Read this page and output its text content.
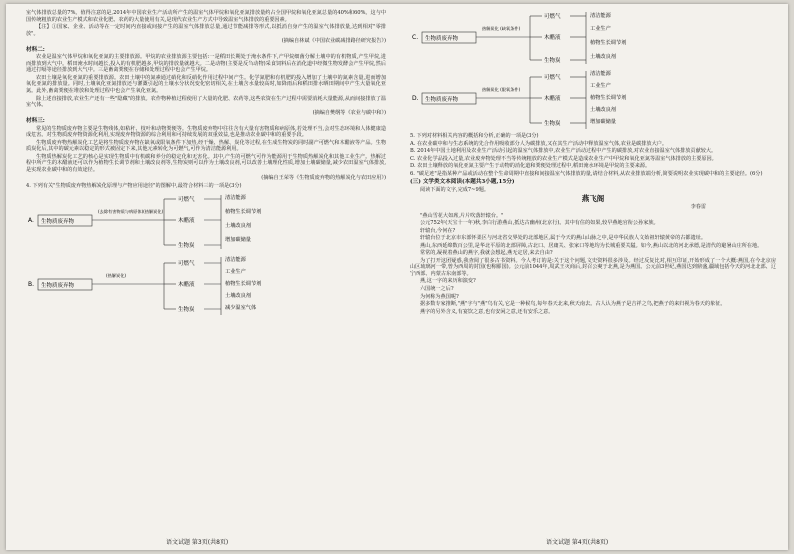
室气体排放总量的7%。值得注意的是,2014年中国农业生产活动所产生的温室气体甲烷和氧化亚氮排放量约占全国甲烷和氧化亚氮总量的40%和60%。这与中国传统粗放的农业生产模式和农业化肥、农药的大量使用有关,是现代农业生产方式中导致温室气体排放的重要因素。

【注】①国家、企业、活动等在一定时间内直接或间接产生的温室气体排放总量,通过节能减排等形式,以抵消自身产生的温室气体排放量,达到相对"零排放"。

(摘编自林斌《中国农业碳减排路径研究报告》)

材料二:

农业是温室气体甲烷和氧化亚氮的主要排放源。甲烷的农业排放源主要包括:一是稻田长期处于淹水条件下,产甲烷细菌分解土壤中的有机物质,产生甲烷,进而排放到大气中。稻田淹水时间越长,投入的有机肥越多,甲烷的排放量就越大。二是动物(主要是反刍动物)采食饲料后在消化道中经微生物发酵会产生甲烷,然后通过打嗝等途径排放到大气中。三是畜禽粪便在存储和处理过程中也会产生甲烷。

农田土壤是氧化亚氮的重要排放源。农田土壤中的氮素通过硝化和反硝化作用过程中间产生。化学氮肥和有机肥的投入增加了土壤中的氮素含量,进而增加氧化亚氮的排放量。同时,土壤氧化亚氮排放还与灌溉引起的土壤水分状况变化密切相关,在土壤含水量较高时,如降雨后和稻田排水晒田期间中产生大量氧化亚氮。此外,畜禽粪便在堆放和处理过程中也会产生氧化亚氮。

除上述直接排放,农业生产还有一些"隐藏"的排放。农作物种植过程使用了大量的化肥、农药等,这些农资在生产过程中需要消耗大量能源,从而间接排放了温室气体。

(摘编自樊纲等《农业与碳中和》)

材料三:

常见的生物质废弃物主要是生物残体,如秸秆、枝叶和动物粪便等。生物质废弃物中往往含有大量有害物质和病原体,若处理不当,会对生态环境和人体健康造成危害。对生物质废弃物资源化利用,实现废弃物资源的综合利用和可持续发展的双重效益,也是推动农业碳中和的重要手段。

生物质废弃物热解炭化工艺是将生物质废弃物在缺氧或限氧条件下加热,经干燥、热解、炭化等过程,在生成生物炭的同时副产可燃气和木醋液等产品。生物质炭化后,其中的碳元素以稳定的形式被固定下来,其他元素转化为可燃气,可作为清洁能源利用。

生物质热解炭化工艺的核心是实现生物质中有机碳和养分的稳定化和无害化。其中,产生的可燃气可作为能源用于生物质热解炭化和其他工业生产。热解过程中所产生的木醋液还可以作为植物生长调节剂和土壤改良剂等,生物炭则可以作为土壤改良剂,可以改善土壤理化性质,增加土壤碳储量,减少农田温室气体排放,是实现农业碳中和的有效途径。

(摘编自王荣等《生物质废弃物的热解炭化与农田应用》)

4. 下列有关"生物质废弃物热解炭化原理与产物应用途径"的图解中,最符合材料三的一项是(3分)

A. 生物质废弃物
(去除有害物质与病原体)(热解炭化)
可燃气
木醋液
生物炭
清洁能源
植物生长调节剂
土壤改良剂
增加碳储量

B. 生物质废弃物
(热解炭化)
可燃气
木醋液
生物炭
清洁能源
工业生产
植物生长调节剂
土壤改良剂
减少温室气体
语文试题 第3页(共8页)
C. 生物质废弃物
热解炭化 (缺氧条件)
可燃气
木醋液
生物炭
清洁能源
工业生产
植物生长调节剂
土壤改良剂

D. 生物质废弃物
热解炭化 (限氧条件)
可燃气
木醋液
生物炭
清洁能源
工业生产
植物生长调节剂
土壤改良剂
增加碳储量

5. 下列对材料相关内容的概括和分析,正确的一项是(3分)

A. 在农业碳中和与生态系统的先合作用吸收部分人为碳排放,又在其生产活动中释放温室气体,农业是碳排放大户。

B. 2014年中国土地利用及农业生产活动引起的温室气体排放中,农业生产活动过程中产生的碳排放,对农业直接温室气体排放贡献较大。

C. 农业化学品投入过量,农业废弃物处理不当等传统粗放的农业生产模式是造成农业生产中甲烷和氧化亚氮等温室气体排放的主要原因。

D. 农田土壤释放的氧化亚氮主要产生于动物的消化道和粪便处理过程中,稻田淹水环境是甲烷的主要来源。

6. "碳足迹"是指某种产品或活动在整个生命周期中直接和间接温室气体排放的量,请结合材料,从农业排放端分析,简要说明农业实现碳中和的主要途径。(6分)

(三) 文学类文本阅读(本题共3小题,15分)

阅读下面的文字,完成7~9题。

燕飞阁
李春雷

"燕山雪花大如席,片片吹落轩辕台。"

公元752年(天宝十一年)秋,李白行游燕山,抵达古幽州(北京行)。其中有住的如果,较早燕地官衔公孙家族。

轩辕台,今何在?

轩辕台位于北京市东部怀柔区与河北省交界处的北部地区,属于今天的燕山山脉之中,是中华民族人文始祖轩辕黄帝的古都遗址。

燕山,东西延绵数百公里,是华北平原的北部屏障,古北口、居庸关、张家口等地均为长城重要关隘。如今,燕山以北的河北承德,是清代的避暑山庄所在地。

常常的,凝视着燕山的燕字,我就会想起,燕无定居,来去自由?

为了打开这团疑惑,我查阅了很多古书资料。今人考订的是:关于这个问题,文史资料很多涉及。经过反复比对,相互印证,开始形成了一个大概:燕国,在今北京房山区琉璃河一带,曾为西周的封国(也称郾国)。公元前1044年,周武王灭商后,封召公奭于北燕,是为燕国。公元前3世纪,燕国达到鼎盛,疆域包括今天的河北北部、辽宁西部、内蒙古东南部等。

燕,这一字的来历和演变?

六国统一之后?

为何称为燕国呢?

据多数专家推断,"燕"字与"燕"鸟有关,它是一种候鸟,每年春天北来,秋天南去。古人认为燕子是吉祥之鸟,把燕子的来归视为春天的象征。

燕字的另外含义,有宴饮之意,也有安闲之意,还有安乐之意。

语文试题 第4页(共8页)
